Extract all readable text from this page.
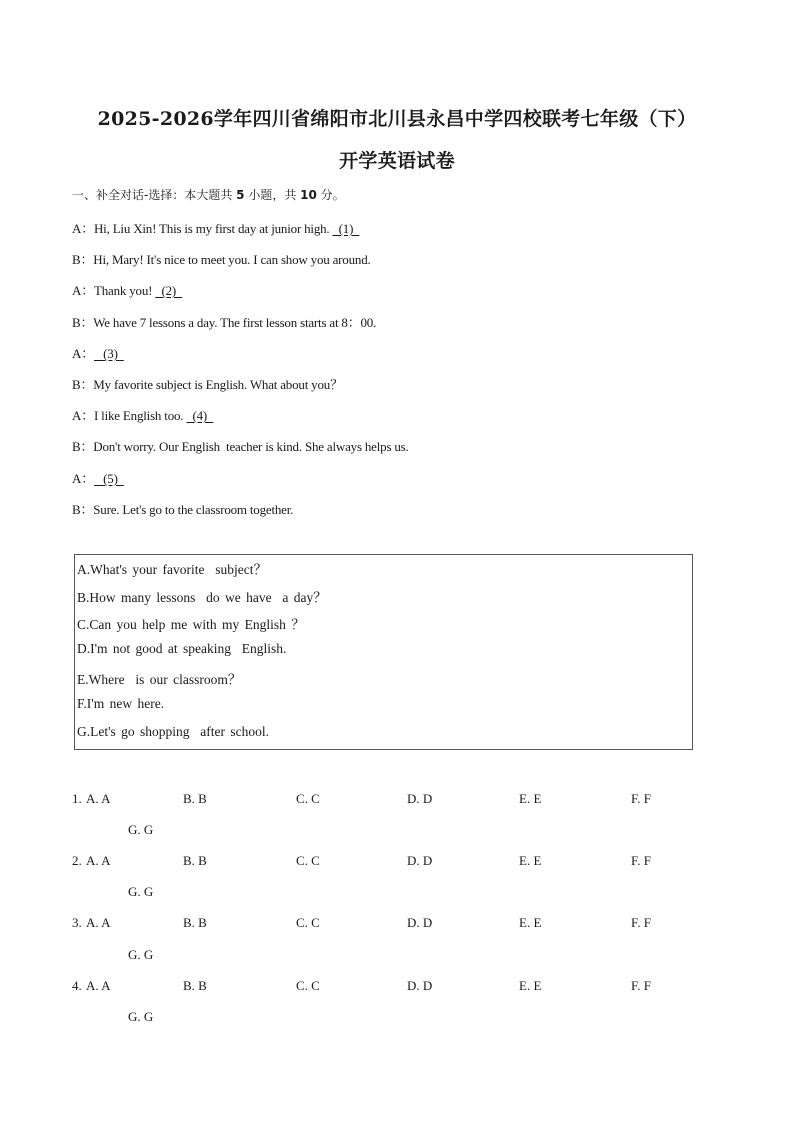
2025-2026学年四川省绵阳市北川县永昌中学四校联考七年级（下）
开学英语试卷
一、补全对话-选择：本大题共 5 小题，共 10 分。
A：Hi, Liu Xin! This is my first day at junior high.   (1)
B：Hi, Mary! It's nice to meet you. I can show you around.
A：Thank you!   (2)
B：We have 7 lessons a day. The first lesson starts at 8：00.
A：   (3)
B：My favorite subject is English. What about you？
A：I like English too.   (4)
B：Don't worry. Our English  teacher is kind. She always helps us.
A：   (5)
B：Sure. Let's go to the classroom together.
A.What's your favorite  subject？
B.How many lessons  do we have  a day？
C.Can you help me with my English ？
D.I'm not good at speaking  English.
E.Where  is our classroom？
F.I'm new here.
G.Let's go shopping  after school.
1. A. A	B. B	C. C	D. D	E. E	F. F
G. G
2. A. A	B. B	C. C	D. D	E. E	F. F
G. G
3. A. A	B. B	C. C	D. D	E. E	F. F
G. G
4. A. A	B. B	C. C	D. D	E. E	F. F
G. G
